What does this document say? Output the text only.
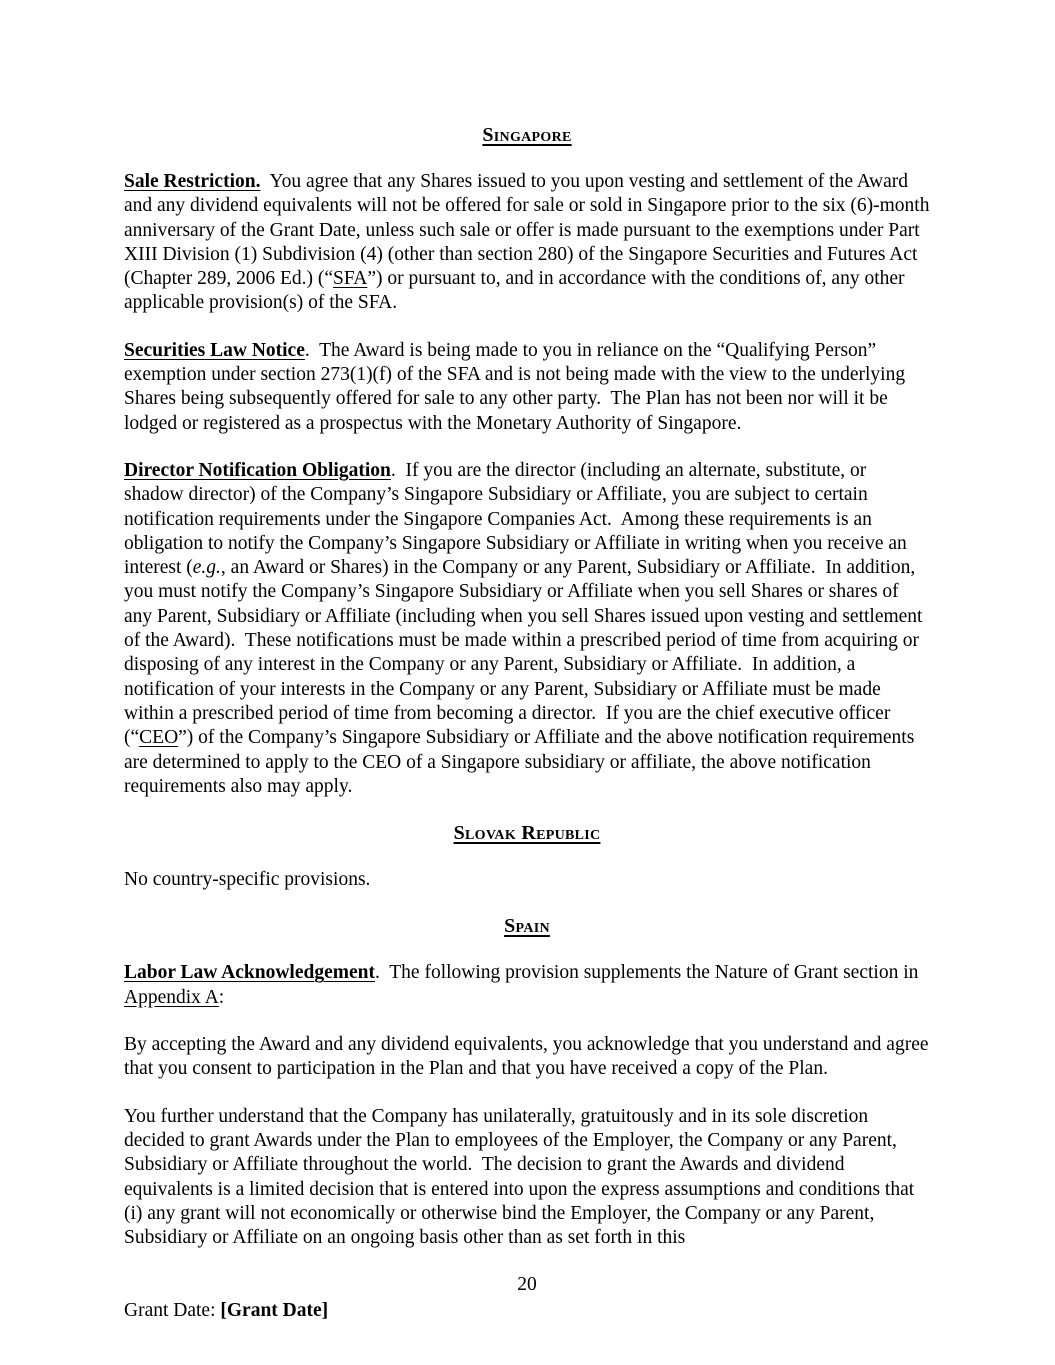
Singapore

Sale Restriction.  You agree that any Shares issued to you upon vesting and settlement of the Award and any dividend equivalents will not be offered for sale or sold in Singapore prior to the six (6)-month anniversary of the Grant Date, unless such sale or offer is made pursuant to the exemptions under Part XIII Division (1) Subdivision (4) (other than section 280) of the Singapore Securities and Futures Act (Chapter 289, 2006 Ed.) (“SFA”) or pursuant to, and in accordance with the conditions of, any other applicable provision(s) of the SFA.

Securities Law Notice.  The Award is being made to you in reliance on the “Qualifying Person” exemption under section 273(1)(f) of the SFA and is not being made with the view to the underlying Shares being subsequently offered for sale to any other party.  The Plan has not been nor will it be lodged or registered as a prospectus with the Monetary Authority of Singapore.

Director Notification Obligation.  If you are the director (including an alternate, substitute, or shadow director) of the Company’s Singapore Subsidiary or Affiliate, you are subject to certain notification requirements under the Singapore Companies Act.  Among these requirements is an obligation to notify the Company’s Singapore Subsidiary or Affiliate in writing when you receive an interest (e.g., an Award or Shares) in the Company or any Parent, Subsidiary or Affiliate.  In addition, you must notify the Company’s Singapore Subsidiary or Affiliate when you sell Shares or shares of any Parent, Subsidiary or Affiliate (including when you sell Shares issued upon vesting and settlement of the Award).  These notifications must be made within a prescribed period of time from acquiring or disposing of any interest in the Company or any Parent, Subsidiary or Affiliate.  In addition, a notification of your interests in the Company or any Parent, Subsidiary or Affiliate must be made within a prescribed period of time from becoming a director.  If you are the chief executive officer (“CEO”) of the Company’s Singapore Subsidiary or Affiliate and the above notification requirements are determined to apply to the CEO of a Singapore subsidiary or affiliate, the above notification requirements also may apply.

Slovak Republic

No country-specific provisions.

Spain

Labor Law Acknowledgement.  The following provision supplements the Nature of Grant section in Appendix A:

By accepting the Award and any dividend equivalents, you acknowledge that you understand and agree that you consent to participation in the Plan and that you have received a copy of the Plan.

You further understand that the Company has unilaterally, gratuitously and in its sole discretion decided to grant Awards under the Plan to employees of the Employer, the Company or any Parent, Subsidiary or Affiliate throughout the world.  The decision to grant the Awards and dividend equivalents is a limited decision that is entered into upon the express assumptions and conditions that (i) any grant will not economically or otherwise bind the Employer, the Company or any Parent, Subsidiary or Affiliate on an ongoing basis other than as set forth in this

20
Grant Date: [Grant Date]
